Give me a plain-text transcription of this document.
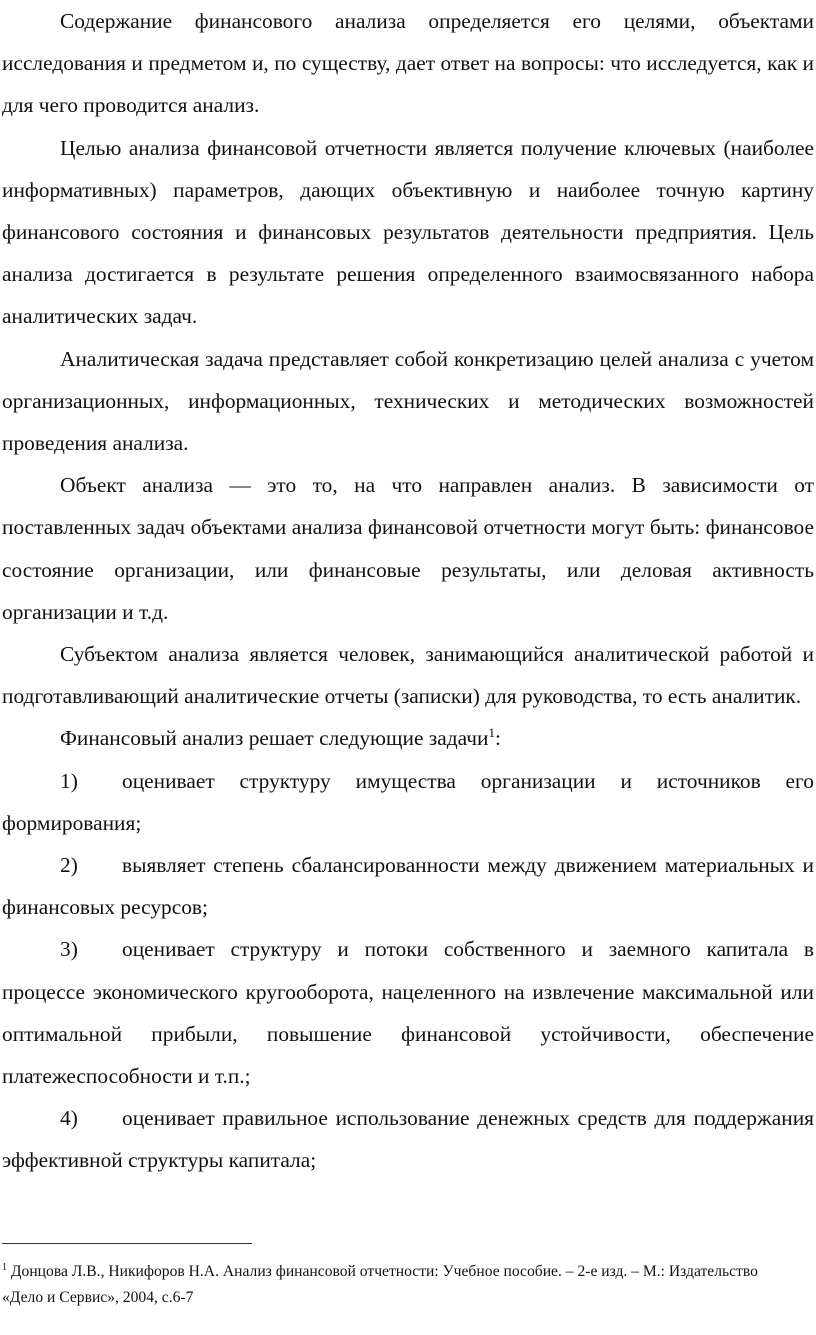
Содержание финансового анализа определяется его целями, объектами исследования и предметом и, по существу, дает ответ на вопросы: что исследуется, как и для чего проводится анализ.

Целью анализа финансовой отчетности является получение ключевых (наиболее информативных) параметров, дающих объективную и наиболее точную картину финансового состояния и финансовых результатов деятельности предприятия. Цель анализа достигается в результате решения определенного взаимосвязанного набора аналитических задач.

Аналитическая задача представляет собой конкретизацию целей анализа с учетом организационных, информационных, технических и методических возможностей проведения анализа.

Объект анализа — это то, на что направлен анализ. В зависимости от поставленных задач объектами анализа финансовой отчетности могут быть: финансовое состояние организации, или финансовые результаты, или деловая активность организации и т.д.

Субъектом анализа является человек, занимающийся аналитической работой и подготавливающий аналитические отчеты (записки) для руководства, то есть аналитик.

Финансовый анализ решает следующие задачи$^1$:

1) оценивает структуру имущества организации и источников его формирования;

2) выявляет степень сбалансированности между движением материальных и финансовых ресурсов;

3) оценивает структуру и потоки собственного и заемного капитала в процессе экономического кругооборота, нацеленного на извлечение максимальной или оптимальной прибыли, повышение финансовой устойчивости, обеспечение платежеспособности и т.п.;

4) оценивает правильное использование денежных средств для поддержания эффективной структуры капитала;

$^1$ Донцова Л.В., Никифоров Н.А. Анализ финансовой отчетности: Учебное пособие. – 2-е изд. – М.: Издательство «Дело и Сервис», 2004, с.6-7
